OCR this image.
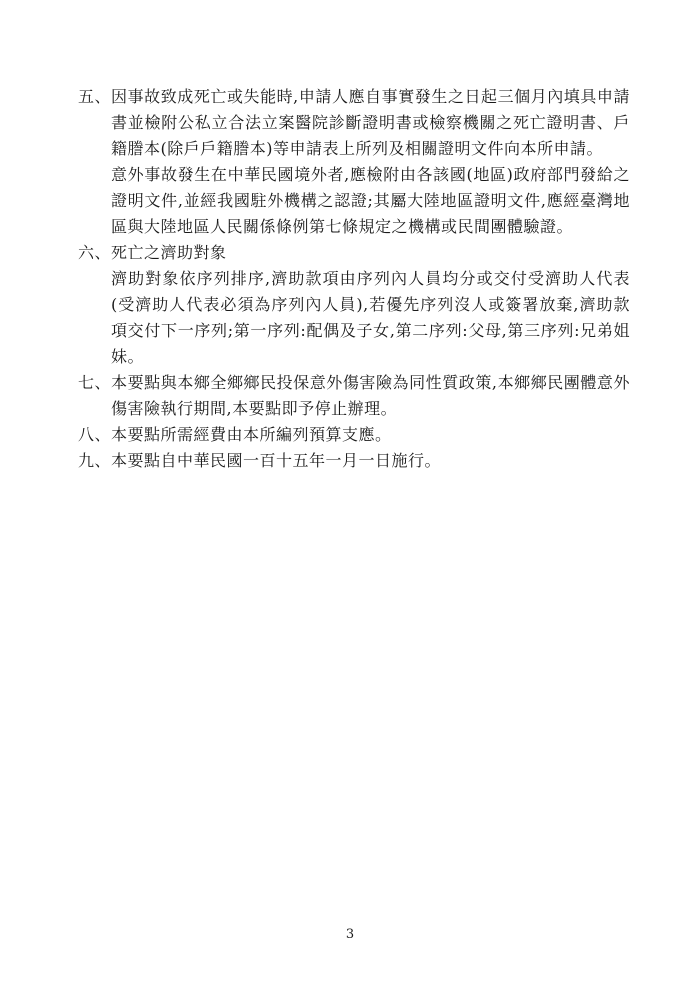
五、 因事故致成死亡或失能時,申請人應自事實發生之日起三個月內填具申請書並檢附公私立合法立案醫院診斷證明書或檢察機關之死亡證明書、戶籍謄本(除戶戶籍謄本)等申請表上所列及相關證明文件向本所申請。

意外事故發生在中華民國境外者,應檢附由各該國(地區)政府部門發給之證明文件,並經我國駐外機構之認證;其屬大陸地區證明文件,應經臺灣地區與大陸地區人民關係條例第七條規定之機構或民間團體驗證。

六、 死亡之濟助對象

濟助對象依序列排序,濟助款項由序列內人員均分或交付受濟助人代表(受濟助人代表必須為序列內人員),若優先序列沒人或簽署放棄,濟助款項交付下一序列;第一序列:配偶及子女,第二序列:父母,第三序列:兄弟姐妹。

七、 本要點與本鄉全鄉鄉民投保意外傷害險為同性質政策,本鄉鄉民團體意外傷害險執行期間,本要點即予停止辦理。

八、 本要點所需經費由本所編列預算支應。

九、 本要點自中華民國一百十五年一月一日施行。

3
